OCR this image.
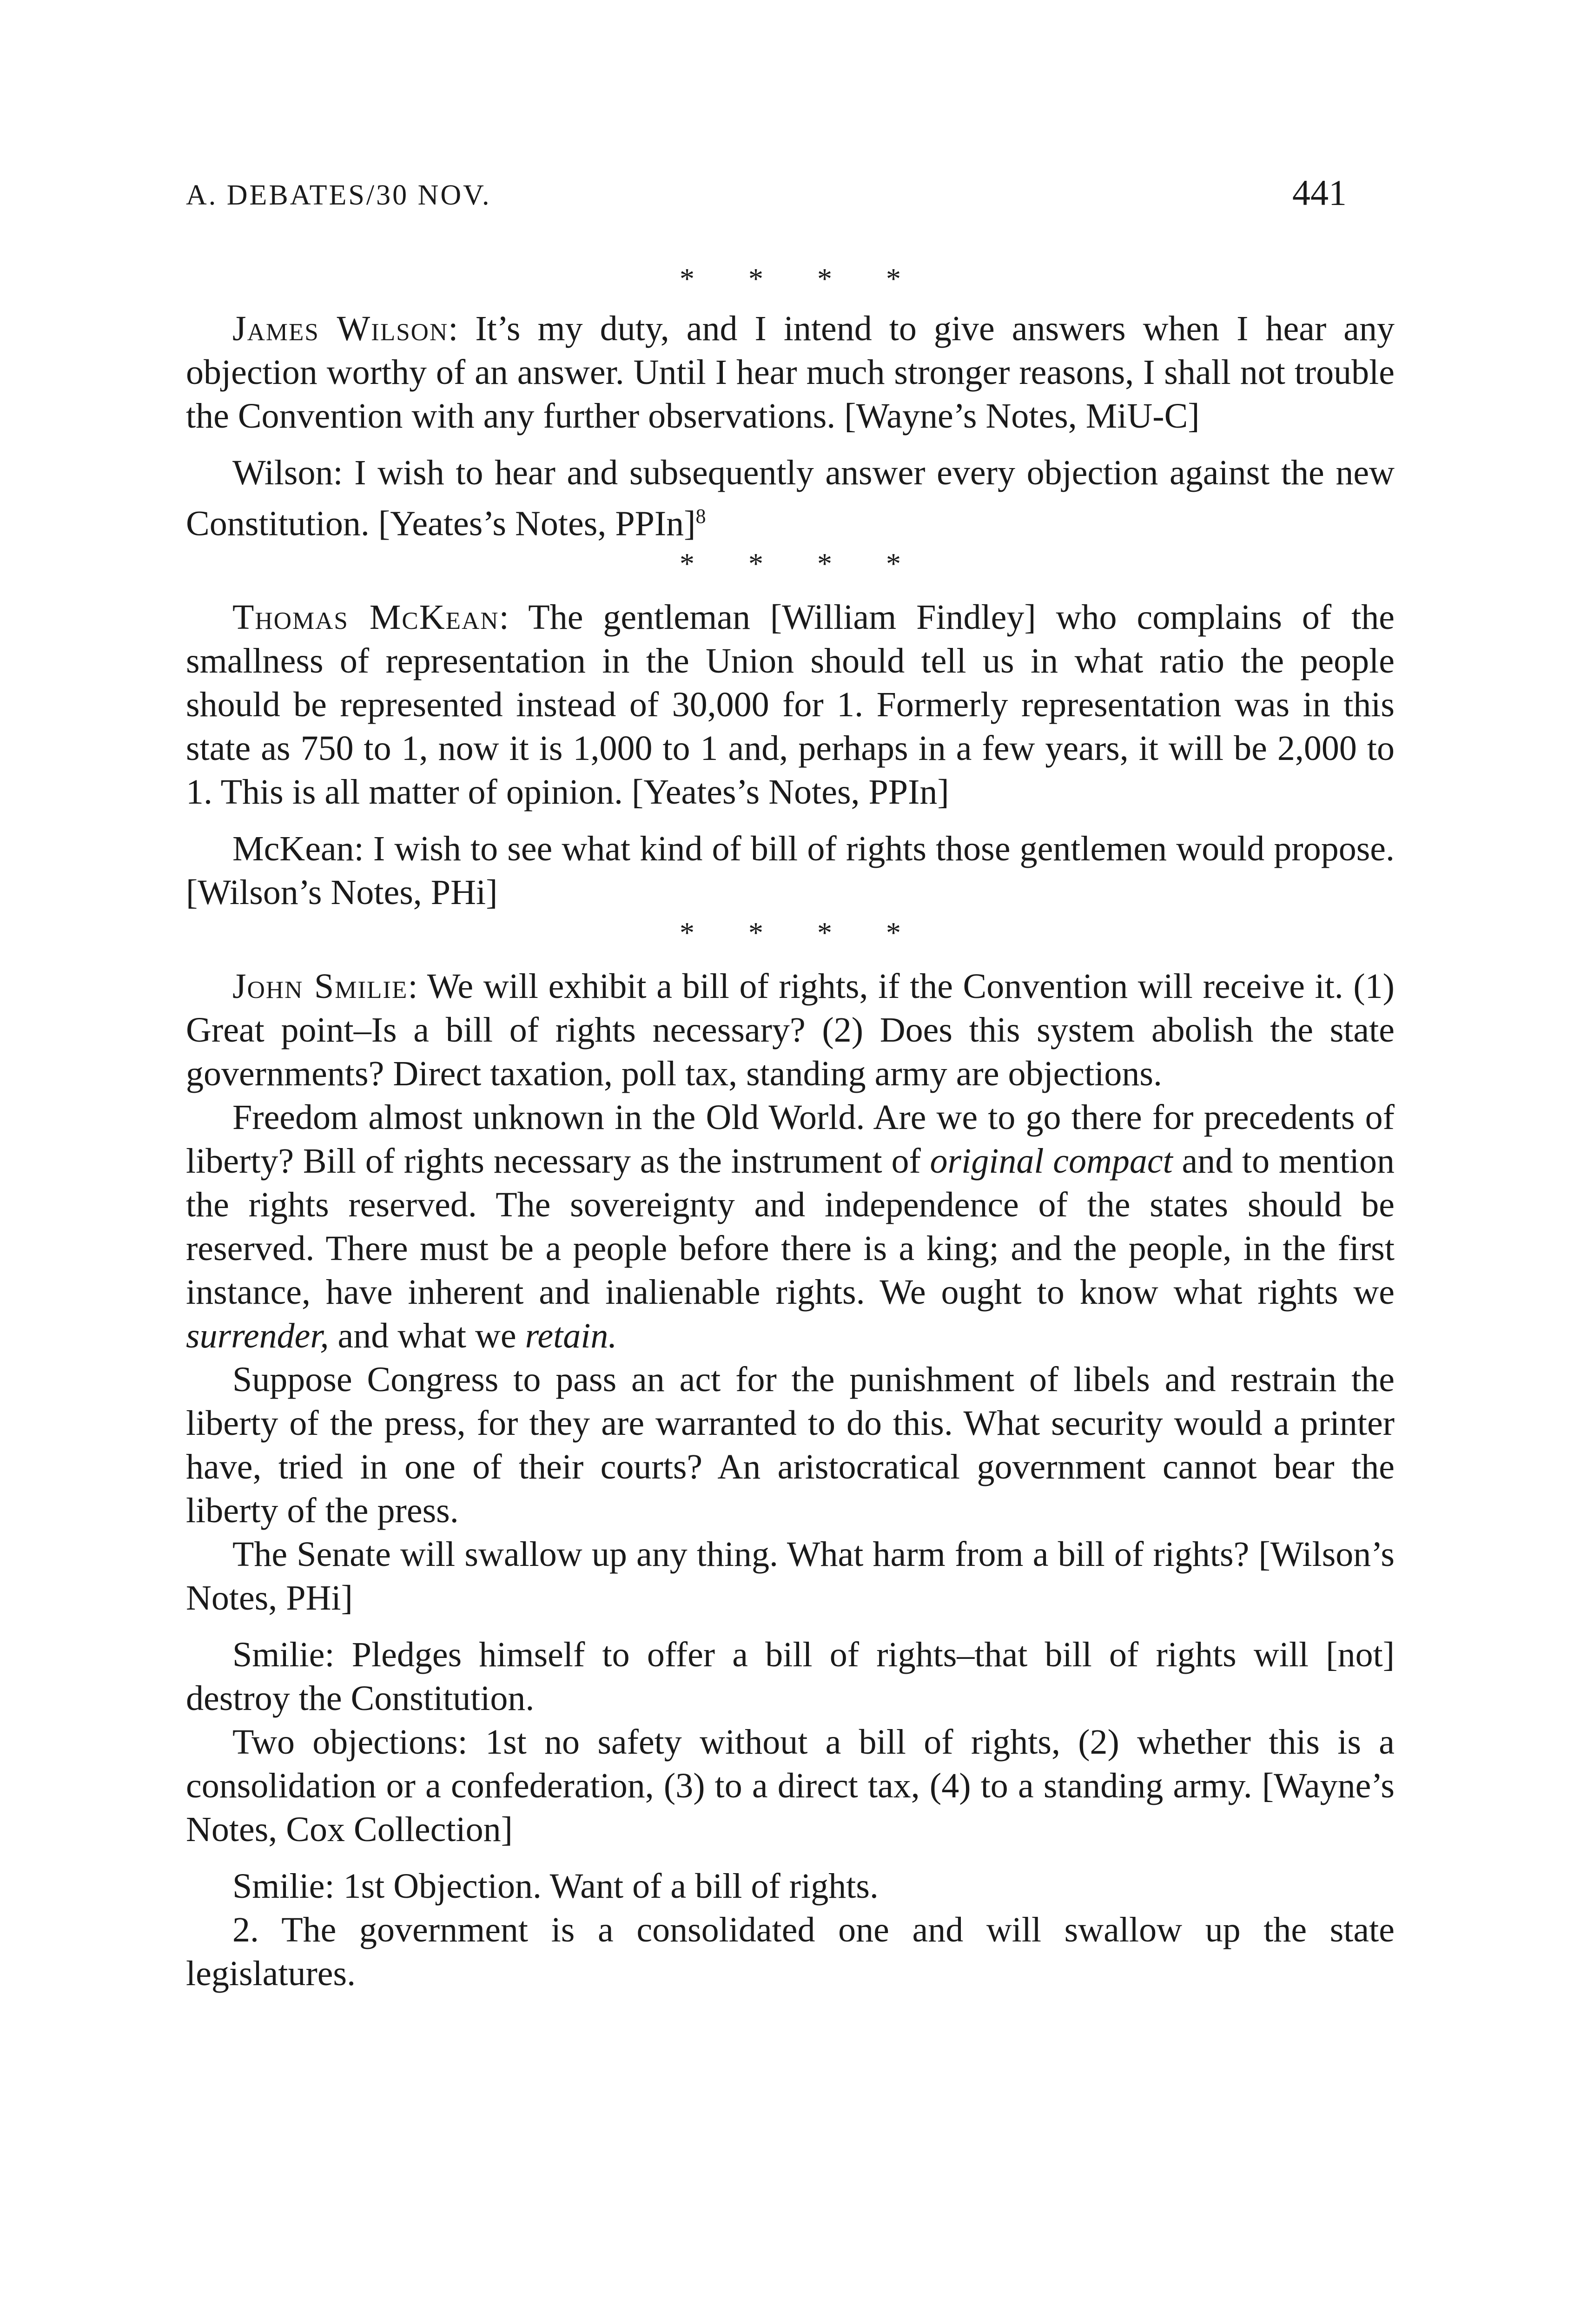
A. DEBATES/30 NOV.	441
* * * *

James Wilson: It’s my duty, and I intend to give answers when I hear any objection worthy of an answer. Until I hear much stronger reasons, I shall not trouble the Convention with any further observations. [Wayne’s Notes, MiU-C]

Wilson: I wish to hear and subsequently answer every objection against the new Constitution. [Yeates’s Notes, PPIn]$^8$

* * * *

Thomas McKean: The gentleman [William Findley] who complains of the smallness of representation in the Union should tell us in what ratio the people should be represented instead of 30,000 for 1. Formerly representation was in this state as 750 to 1, now it is 1,000 to 1 and, perhaps in a few years, it will be 2,000 to 1. This is all matter of opinion. [Yeates’s Notes, PPIn]

McKean: I wish to see what kind of bill of rights those gentlemen would propose. [Wilson’s Notes, PHi]

* * * *

John Smilie: We will exhibit a bill of rights, if the Convention will receive it. (1) Great point–Is a bill of rights necessary? (2) Does this system abolish the state governments? Direct taxation, poll tax, standing army are objections.

Freedom almost unknown in the Old World. Are we to go there for precedents of liberty? Bill of rights necessary as the instrument of original compact and to mention the rights reserved. The sovereignty and independence of the states should be reserved. There must be a people before there is a king; and the people, in the first instance, have inherent and inalienable rights. We ought to know what rights we surrender, and what we retain.

Suppose Congress to pass an act for the punishment of libels and restrain the liberty of the press, for they are warranted to do this. What security would a printer have, tried in one of their courts? An aristocratical government cannot bear the liberty of the press.

The Senate will swallow up any thing. What harm from a bill of rights? [Wilson’s Notes, PHi]

Smilie: Pledges himself to offer a bill of rights–that bill of rights will [not] destroy the Constitution.

Two objections: 1st no safety without a bill of rights, (2) whether this is a consolidation or a confederation, (3) to a direct tax, (4) to a standing army. [Wayne’s Notes, Cox Collection]

Smilie: 1st Objection. Want of a bill of rights.

2. The government is a consolidated one and will swallow up the state legislatures.
